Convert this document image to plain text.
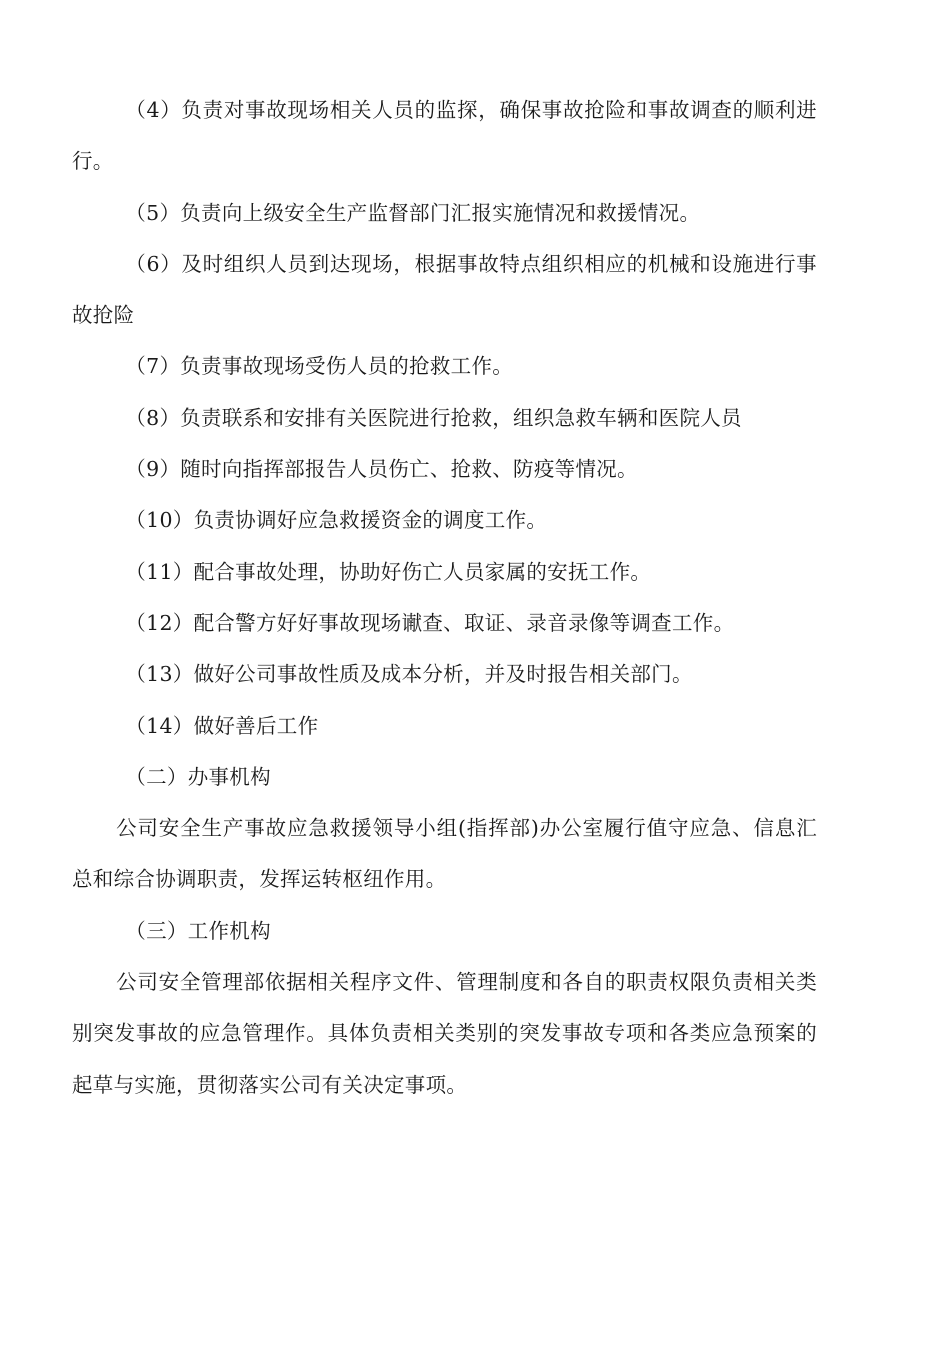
（4）负责对事故现场相关人员的监探，确保事故抢险和事故调查的顺利进行。

（5）负责向上级安全生产监督部门汇报实施情况和救援情况。

（6）及时组织人员到达现场，根据事故特点组织相应的机械和设施进行事故抢险

（7）负责事故现场受伤人员的抢救工作。

（8）负责联系和安排有关医院进行抢救，组织急救车辆和医院人员

（9）随时向指挥部报告人员伤亡、抢救、防疫等情况。

（10）负责协调好应急救援资金的调度工作。

（11）配合事故处理，协助好伤亡人员家属的安抚工作。

（12）配合警方好好事故现场谳查、取证、录音录像等调查工作。

（13）做好公司事故性质及成本分析，并及时报告相关部门。

（14）做好善后工作

（二）办事机构

公司安全生产事故应急救援领导小组(指挥部)办公室履行值守应急、信息汇总和综合协调职责，发挥运转枢纽作用。

（三）工作机构

公司安全管理部依据相关程序文件、管理制度和各自的职责权限负责相关类别突发事故的应急管理作。具体负责相关类别的突发事故专项和各类应急预案的起草与实施，贯彻落实公司有关决定事项。
